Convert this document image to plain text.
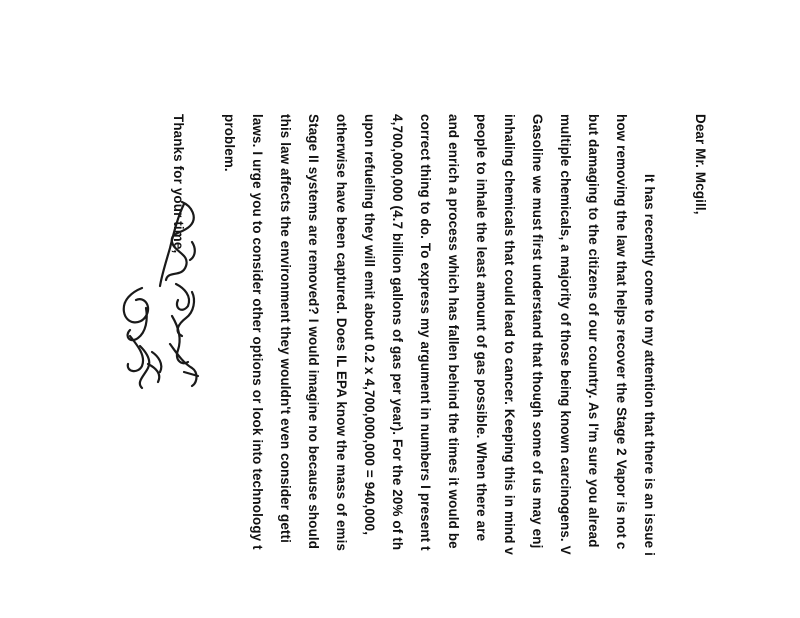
Dear Mr. Mcgill,
It has recently come to my attention that there is an issue i
how removing the law that helps recover the Stage 2 Vapor is not c
but damaging to the citizens of our country. As I'm sure you alread
multiple chemicals, a majority of those being known carcinogens. V
Gasoline we must first understand that though some of us may enj
inhaling chemicals that could lead to cancer. Keeping this in mind v
people to inhale the least amount of gas possible. When there are
and enrich a process which has fallen behind the times it would be
correct thing to do. To express my argument in numbers I present t
4,700,000,000 (4.7 billion gallons of gas per year). For the 20% of th
upon refueling they will emit about 0.2 x 4,700,000,000 = 940,000,
otherwise have been captured. Does IL EPA know the mass of emis
Stage II systems are removed? I would imagine no because should
this law affects the environment they wouldn't even consider getti
laws. I urge you to consider other options or look into technology t
problem.
Thanks for your time,
